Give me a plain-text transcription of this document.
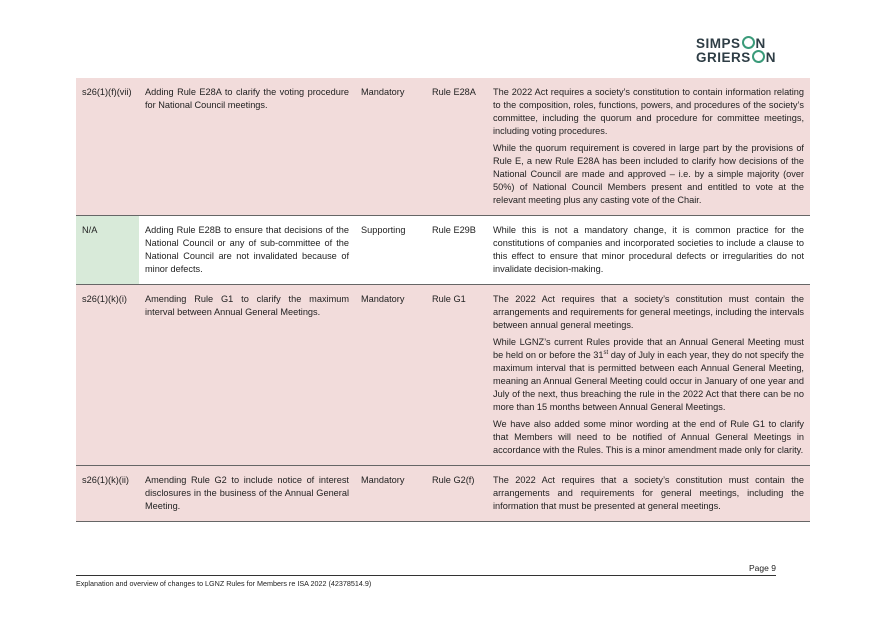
SIMPS N
GRIERS N
s26(1)(f)(vii)	Adding Rule E28A to clarify the voting procedure for National Council meetings.	Mandatory	Rule E28A	The 2022 Act requires a society’s constitution to contain information relating to the composition, roles, functions, powers, and procedures of the society’s committee, including the quorum and procedure for committee meetings, including voting procedures.

While the quorum requirement is covered in large part by the provisions of Rule E, a new Rule E28A has been included to clarify how decisions of the National Council are made and approved – i.e. by a simple majority (over 50%) of National Council Members present and entitled to vote at the relevant meeting plus any casting vote of the Chair.

N/A	Adding Rule E28B to ensure that decisions of the National Council or any of sub-committee of the National Council are not invalidated because of minor defects.	Supporting	Rule E29B	While this is not a mandatory change, it is common practice for the constitutions of companies and incorporated societies to include a clause to this effect to ensure that minor procedural defects or irregularities do not invalidate decision-making.

s26(1)(k)(i)	Amending Rule G1 to clarify the maximum interval between Annual General Meetings.	Mandatory	Rule G1	The 2022 Act requires that a society’s constitution must contain the arrangements and requirements for general meetings, including the intervals between annual general meetings.

While LGNZ’s current Rules provide that an Annual General Meeting must be held on or before the 31st day of July in each year, they do not specify the maximum interval that is permitted between each Annual General Meeting, meaning an Annual General Meeting could occur in January of one year and July of the next, thus breaching the rule in the 2022 Act that there can be no more than 15 months between Annual General Meetings.

We have also added some minor wording at the end of Rule G1 to clarify that Members will need to be notified of Annual General Meetings in accordance with the Rules. This is a minor amendment made only for clarity.

s26(1)(k)(ii)	Amending Rule G2 to include notice of interest disclosures in the business of the Annual General Meeting.	Mandatory	Rule G2(f)	The 2022 Act requires that a society’s constitution must contain the arrangements and requirements for general meetings, including the information that must be presented at general meetings.

Page 9
Explanation and overview of changes to LGNZ Rules for Members re ISA 2022 (42378514.9)
